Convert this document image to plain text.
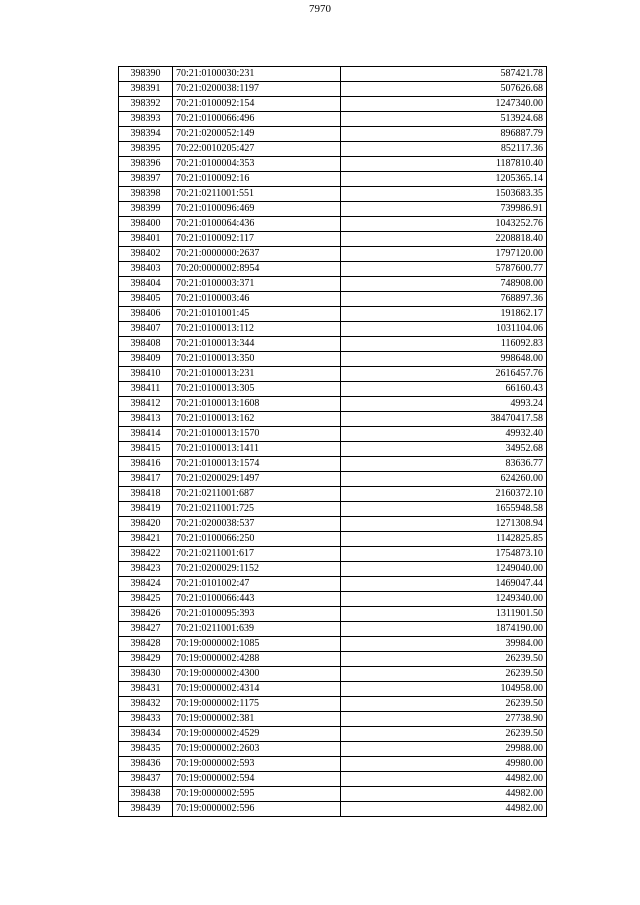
7970
398390	70:21:0100030:231	587421.78
398391	70:21:0200038:1197	507626.68
398392	70:21:0100092:154	1247340.00
398393	70:21:0100066:496	513924.68
398394	70:21:0200052:149	896887.79
398395	70:22:0010205:427	852117.36
398396	70:21:0100004:353	1187810.40
398397	70:21:0100092:16	1205365.14
398398	70:21:0211001:551	1503683.35
398399	70:21:0100096:469	739986.91
398400	70:21:0100064:436	1043252.76
398401	70:21:0100092:117	2208818.40
398402	70:21:0000000:2637	1797120.00
398403	70:20:0000002:8954	5787600.77
398404	70:21:0100003:371	748908.00
398405	70:21:0100003:46	768897.36
398406	70:21:0101001:45	191862.17
398407	70:21:0100013:112	1031104.06
398408	70:21:0100013:344	116092.83
398409	70:21:0100013:350	998648.00
398410	70:21:0100013:231	2616457.76
398411	70:21:0100013:305	66160.43
398412	70:21:0100013:1608	4993.24
398413	70:21:0100013:162	38470417.58
398414	70:21:0100013:1570	49932.40
398415	70:21:0100013:1411	34952.68
398416	70:21:0100013:1574	83636.77
398417	70:21:0200029:1497	624260.00
398418	70:21:0211001:687	2160372.10
398419	70:21:0211001:725	1655948.58
398420	70:21:0200038:537	1271308.94
398421	70:21:0100066:250	1142825.85
398422	70:21:0211001:617	1754873.10
398423	70:21:0200029:1152	1249040.00
398424	70:21:0101002:47	1469047.44
398425	70:21:0100066:443	1249340.00
398426	70:21:0100095:393	1311901.50
398427	70:21:0211001:639	1874190.00
398428	70:19:0000002:1085	39984.00
398429	70:19:0000002:4288	26239.50
398430	70:19:0000002:4300	26239.50
398431	70:19:0000002:4314	104958.00
398432	70:19:0000002:1175	26239.50
398433	70:19:0000002:381	27738.90
398434	70:19:0000002:4529	26239.50
398435	70:19:0000002:2603	29988.00
398436	70:19:0000002:593	49980.00
398437	70:19:0000002:594	44982.00
398438	70:19:0000002:595	44982.00
398439	70:19:0000002:596	44982.00
